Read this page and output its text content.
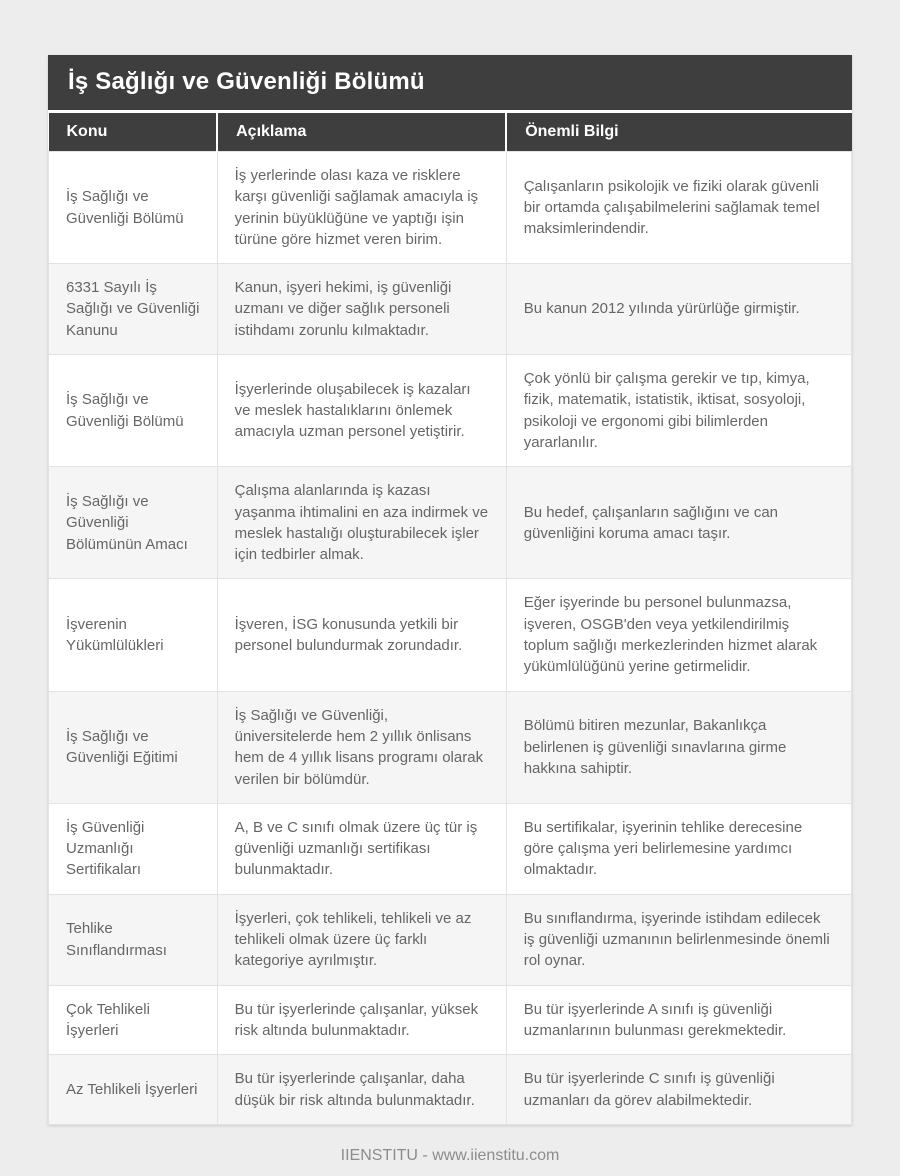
İş Sağlığı ve Güvenliği Bölümü
Konu	Açıklama	Önemli Bilgi
İş Sağlığı ve Güvenliği Bölümü	İş yerlerinde olası kaza ve risklere karşı güvenliği sağlamak amacıyla iş yerinin büyüklüğüne ve yaptığı işin türüne göre hizmet veren birim.	Çalışanların psikolojik ve fiziki olarak güvenli bir ortamda çalışabilmelerini sağlamak temel maksimlerindendir.
6331 Sayılı İş Sağlığı ve Güvenliği Kanunu	Kanun, işyeri hekimi, iş güvenliği uzmanı ve diğer sağlık personeli istihdamı zorunlu kılmaktadır.	Bu kanun 2012 yılında yürürlüğe girmiştir.
İş Sağlığı ve Güvenliği Bölümü	İşyerlerinde oluşabilecek iş kazaları ve meslek hastalıklarını önlemek amacıyla uzman personel yetiştirir.	Çok yönlü bir çalışma gerekir ve tıp, kimya, fizik, matematik, istatistik, iktisat, sosyoloji, psikoloji ve ergonomi gibi bilimlerden yararlanılır.
İş Sağlığı ve Güvenliği Bölümünün Amacı	Çalışma alanlarında iş kazası yaşanma ihtimalini en aza indirmek ve meslek hastalığı oluşturabilecek işler için tedbirler almak.	Bu hedef, çalışanların sağlığını ve can güvenliğini koruma amacı taşır.
İşverenin Yükümlülükleri	İşveren, İSG konusunda yetkili bir personel bulundurmak zorundadır.	Eğer işyerinde bu personel bulunmazsa, işveren, OSGB'den veya yetkilendirilmiş toplum sağlığı merkezlerinden hizmet alarak yükümlülüğünü yerine getirmelidir.
İş Sağlığı ve Güvenliği Eğitimi	İş Sağlığı ve Güvenliği, üniversitelerde hem 2 yıllık önlisans hem de 4 yıllık lisans programı olarak verilen bir bölümdür.	Bölümü bitiren mezunlar, Bakanlıkça belirlenen iş güvenliği sınavlarına girme hakkına sahiptir.
İş Güvenliği Uzmanlığı Sertifikaları	A, B ve C sınıfı olmak üzere üç tür iş güvenliği uzmanlığı sertifikası bulunmaktadır.	Bu sertifikalar, işyerinin tehlike derecesine göre çalışma yeri belirlemesine yardımcı olmaktadır.
Tehlike Sınıflandırması	İşyerleri, çok tehlikeli, tehlikeli ve az tehlikeli olmak üzere üç farklı kategoriye ayrılmıştır.	Bu sınıflandırma, işyerinde istihdam edilecek iş güvenliği uzmanının belirlenmesinde önemli rol oynar.
Çok Tehlikeli İşyerleri	Bu tür işyerlerinde çalışanlar, yüksek risk altında bulunmaktadır.	Bu tür işyerlerinde A sınıfı iş güvenliği uzmanlarının bulunması gerekmektedir.
Az Tehlikeli İşyerleri	Bu tür işyerlerinde çalışanlar, daha düşük bir risk altında bulunmaktadır.	Bu tür işyerlerinde C sınıfı iş güvenliği uzmanları da görev alabilmektedir.
IIENSTITU - www.iienstitu.com
